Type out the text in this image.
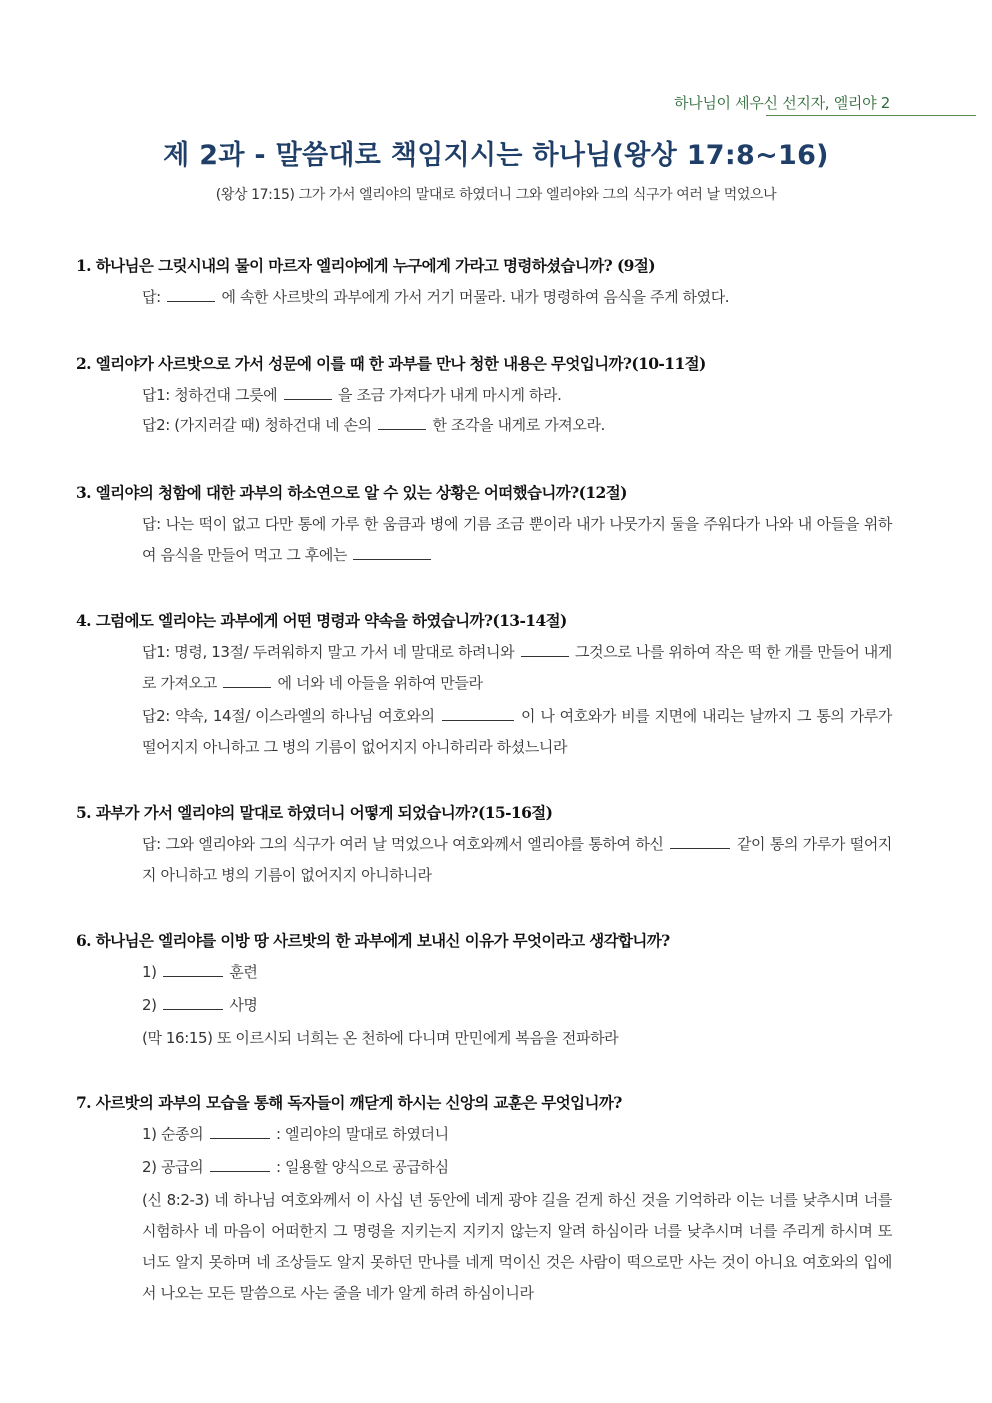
하나님이 세우신 선지자, 엘리야 2
제 2과 - 말씀대로 책임지시는 하나님(왕상 17:8~16)
(왕상 17:15) 그가 가서 엘리야의 말대로 하였더니 그와 엘리야와 그의 식구가 여러 날 먹었으나
1. 하나님은 그릿시내의 물이 마르자 엘리야에게 누구에게 가라고 명령하셨습니까? (9절)
답:	에 속한 사르밧의 과부에게 가서 거기 머물라. 내가 명령하여 음식을 주게 하였다.
2. 엘리야가 사르밧으로 가서 성문에 이를 때 한 과부를 만나 청한 내용은 무엇입니까?(10-11절)
답1: 청하건대 그릇에	을 조금 가져다가 내게 마시게 하라.
답2: (가지러갈 때) 청하건대 네 손의	한 조각을 내게로 가져오라.
3. 엘리야의 청함에 대한 과부의 하소연으로 알 수 있는 상황은 어떠했습니까?(12절)
답: 나는 떡이 없고 다만 통에 가루 한 움큼과 병에 기름 조금 뿐이라 내가 나뭇가지 둘을 주워다가 나와 내 아들을 위하여 음식을 만들어 먹고 그 후에는
4. 그럼에도 엘리야는 과부에게 어떤 명령과 약속을 하였습니까?(13-14절)
답1: 명령, 13절/ 두려워하지 말고 가서 네 말대로 하려니와	그것으로 나를 위하여 작은 떡 한 개를 만들어 내게로 가져오고	에 너와 네 아들을 위하여 만들라
답2: 약속, 14절/ 이스라엘의 하나님 여호와의	이 나 여호와가 비를 지면에 내리는 날까지 그 통의 가루가 떨어지지 아니하고 그 병의 기름이 없어지지 아니하리라 하셨느니라
5. 과부가 가서 엘리야의 말대로 하였더니 어떻게 되었습니까?(15-16절)
답: 그와 엘리야와 그의 식구가 여러 날 먹었으나 여호와께서 엘리야를 통하여 하신	같이 통의 가루가 떨어지지 아니하고 병의 기름이 없어지지 아니하니라
6. 하나님은 엘리야를 이방 땅 사르밧의 한 과부에게 보내신 이유가 무엇이라고 생각합니까?
1)	훈련
2)	사명
(막 16:15) 또 이르시되 너희는 온 천하에 다니며 만민에게 복음을 전파하라
7. 사르밧의 과부의 모습을 통해 독자들이 깨닫게 하시는 신앙의 교훈은 무엇입니까?
1) 순종의	: 엘리야의 말대로 하였더니
2) 공급의	: 일용할 양식으로 공급하심
(신 8:2-3) 네 하나님 여호와께서 이 사십 년 동안에 네게 광야 길을 걷게 하신 것을 기억하라 이는 너를 낮추시며 너를 시험하사 네 마음이 어떠한지 그 명령을 지키는지 지키지 않는지 알려 하심이라 너를 낮추시며 너를 주리게 하시며 또 너도 알지 못하며 네 조상들도 알지 못하던 만나를 네게 먹이신 것은 사람이 떡으로만 사는 것이 아니요 여호와의 입에서 나오는 모든 말씀으로 사는 줄을 네가 알게 하려 하심이니라
